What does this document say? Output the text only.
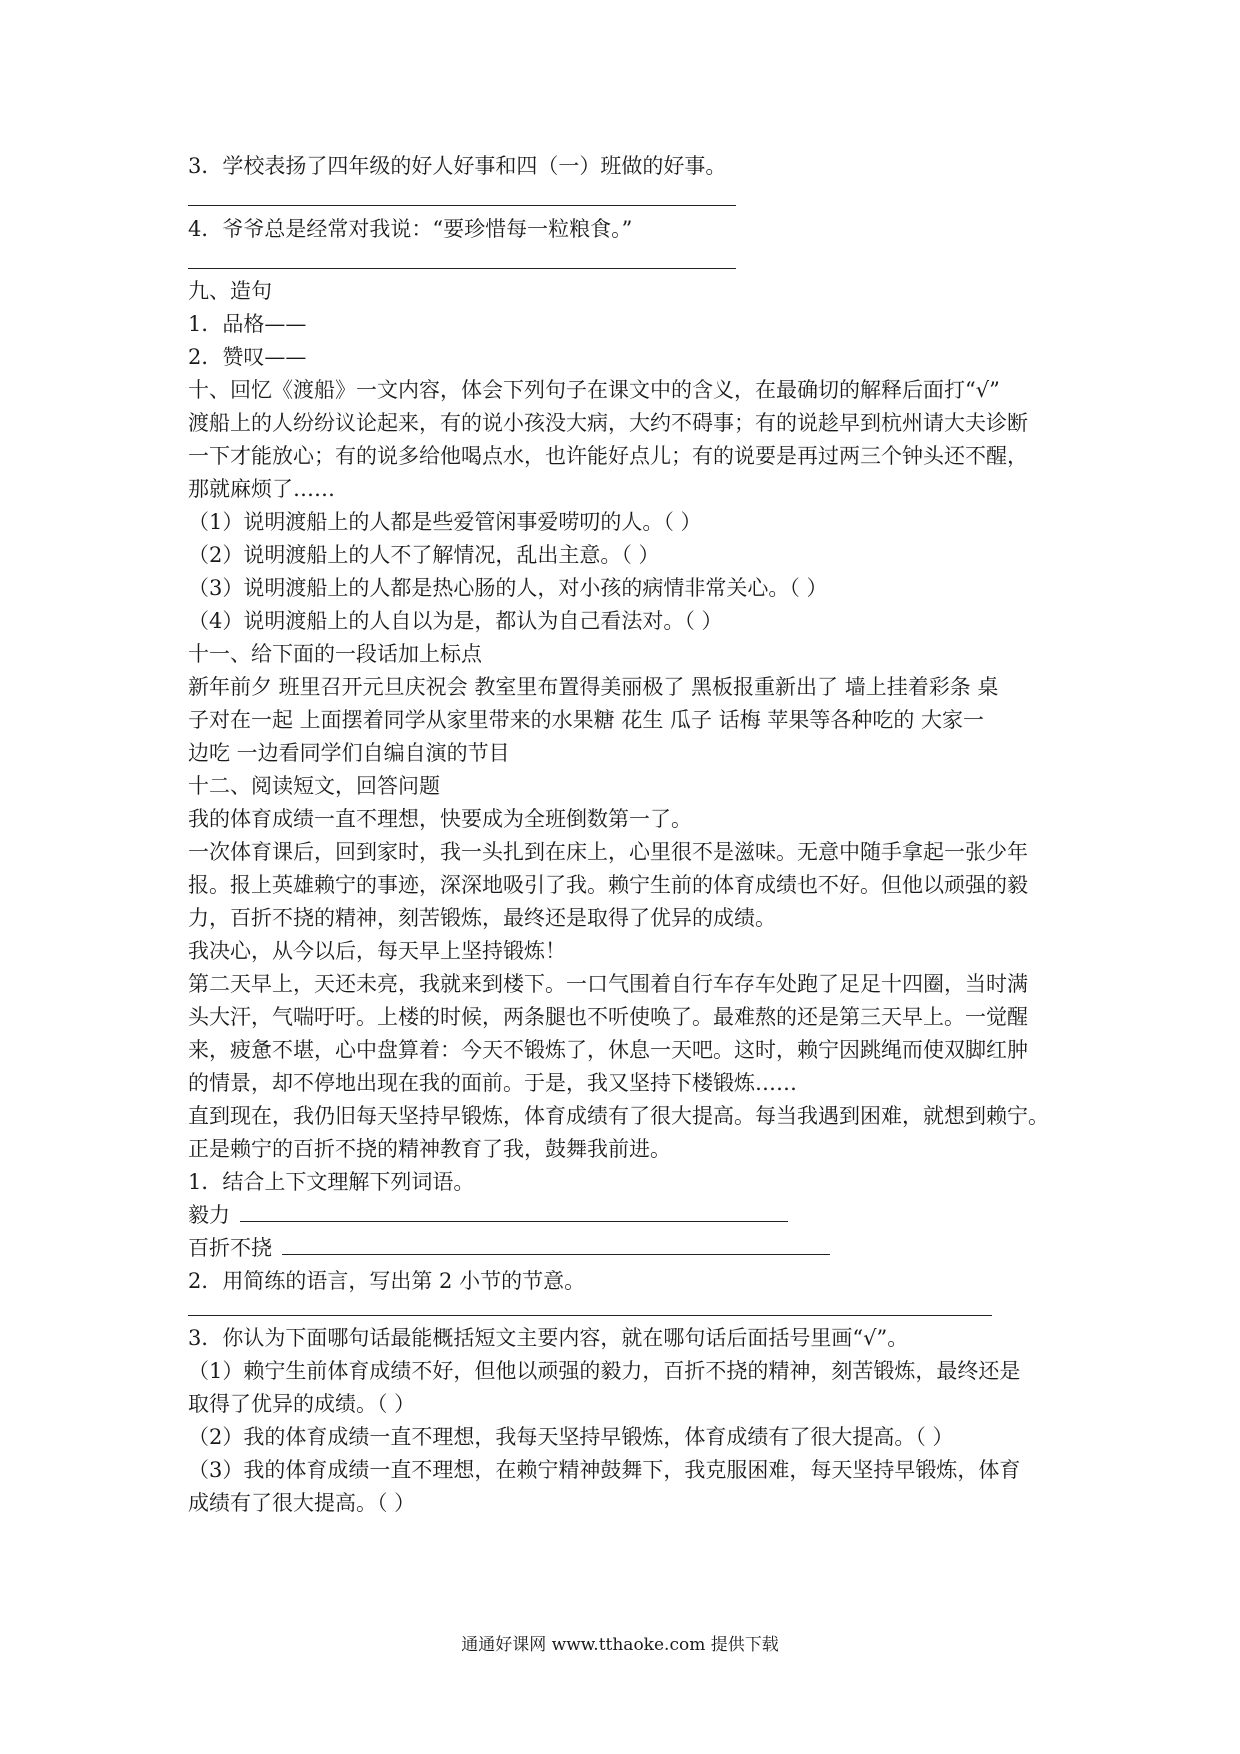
3．学校表扬了四年级的好人好事和四（一）班做的好事。
4．爷爷总是经常对我说：“要珍惜每一粒粮食。”
九、造句
1．品格——
2．赞叹——
十、回忆《渡船》一文内容，体会下列句子在课文中的含义，在最确切的解释后面打“√”
渡船上的人纷纷议论起来，有的说小孩没大病，大约不碍事；有的说趁早到杭州请大夫诊断
一下才能放心；有的说多给他喝点水，也许能好点儿；有的说要是再过两三个钟头还不醒，
那就麻烦了……
（1）说明渡船上的人都是些爱管闲事爱唠叨的人。（ ）
（2）说明渡船上的人不了解情况，乱出主意。（ ）
（3）说明渡船上的人都是热心肠的人，对小孩的病情非常关心。（ ）
（4）说明渡船上的人自以为是，都认为自己看法对。（ ）
十一、给下面的一段话加上标点
新年前夕 班里召开元旦庆祝会 教室里布置得美丽极了 黑板报重新出了 墙上挂着彩条 桌
子对在一起 上面摆着同学从家里带来的水果糖 花生 瓜子 话梅 苹果等各种吃的 大家一
边吃 一边看同学们自编自演的节目
十二、阅读短文，回答问题
我的体育成绩一直不理想，快要成为全班倒数第一了。
一次体育课后，回到家时，我一头扎到在床上，心里很不是滋味。无意中随手拿起一张少年
报。报上英雄赖宁的事迹，深深地吸引了我。赖宁生前的体育成绩也不好。但他以顽强的毅
力，百折不挠的精神，刻苦锻炼，最终还是取得了优异的成绩。
我决心，从今以后，每天早上坚持锻炼！
第二天早上，天还未亮，我就来到楼下。一口气围着自行车存车处跑了足足十四圈，当时满
头大汗，气喘吁吁。上楼的时候，两条腿也不听使唤了。最难熬的还是第三天早上。一觉醒
来，疲惫不堪，心中盘算着：今天不锻炼了，休息一天吧。这时，赖宁因跳绳而使双脚红肿
的情景，却不停地出现在我的面前。于是，我又坚持下楼锻炼……
直到现在，我仍旧每天坚持早锻炼，体育成绩有了很大提高。每当我遇到困难，就想到赖宁。
正是赖宁的百折不挠的精神教育了我，鼓舞我前进。
1．结合上下文理解下列词语。
毅力
百折不挠
2．用简练的语言，写出第 2 小节的节意。
3．你认为下面哪句话最能概括短文主要内容，就在哪句话后面括号里画“√”。
（1）赖宁生前体育成绩不好，但他以顽强的毅力，百折不挠的精神，刻苦锻炼，最终还是
取得了优异的成绩。（ ）
（2）我的体育成绩一直不理想，我每天坚持早锻炼，体育成绩有了很大提高。（ ）
（3）我的体育成绩一直不理想，在赖宁精神鼓舞下，我克服困难，每天坚持早锻炼，体育
成绩有了很大提高。（ ）
通通好课网 www.tthaoke.com 提供下载
